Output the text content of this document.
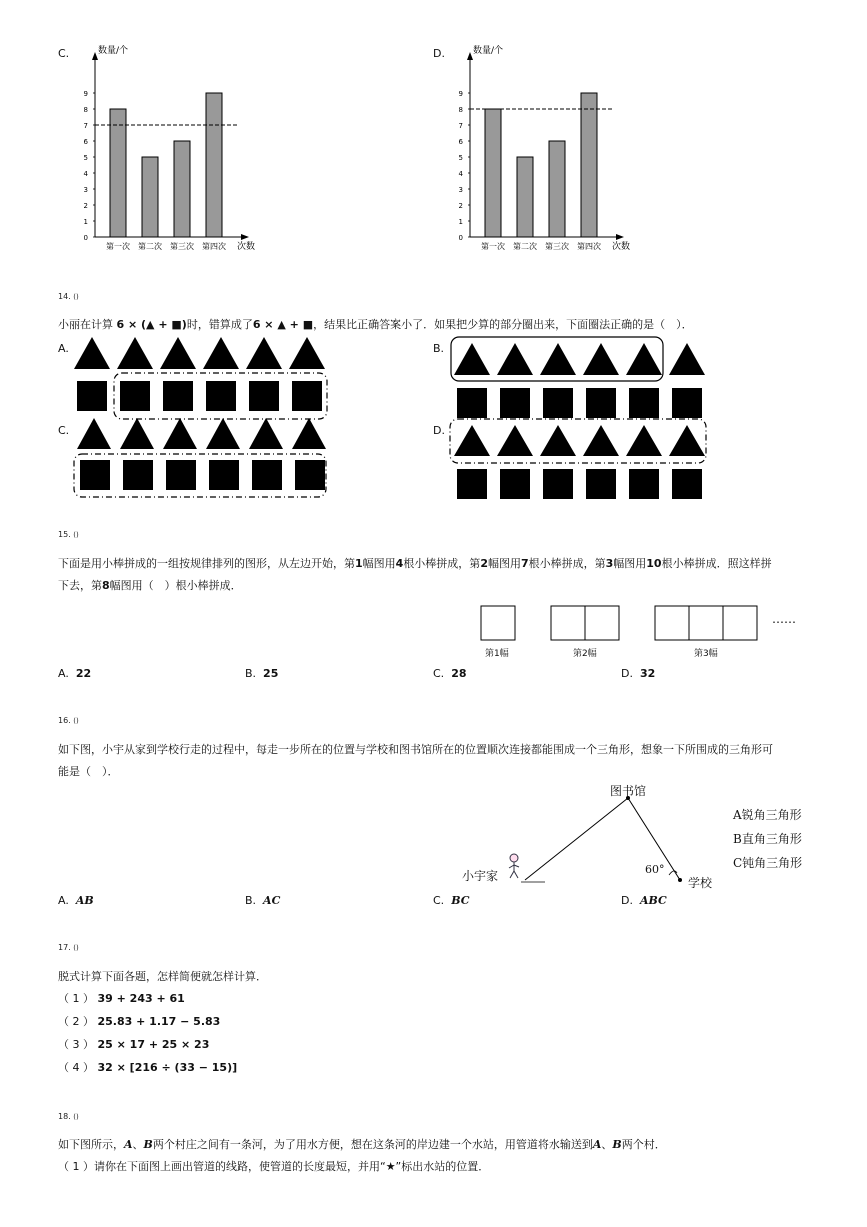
C.	数量/个
次数
0
1
2
3
4
5
6
7
8
9
第一次 第二次 第三次 第四次
D.	数量/个
次数
0
1
2
3
4
5
6
7
8
9
第一次 第二次 第三次 第四次
14. ()
小丽在计算 6 × (▲ + ■)时，错算成了6 × ▲ + ■，结果比正确答案小了．如果把少算的部分圈出来，下面圈法正确的是（　）．
A.	B.
C.	D.
15. ()
下面是用小棒拼成的一组按规律排列的图形，从左边开始，第1幅图用4根小棒拼成，第2幅图用7根小棒拼成，第3幅图用10根小棒拼成．照这样拼
下去，第8幅图用（　）根小棒拼成．
第1幅	第2幅	第3幅
……
A. 22	B. 25	C. 28	D. 32
16. ()
如下图，小宇从家到学校行走的过程中，每走一步所在的位置与学校和图书馆所在的位置顺次连接都能围成一个三角形，想象一下所围成的三角形可
能是（　）．
图书馆
小宇家	学校
60°
A锐角三角形
B直角三角形
C钝角三角形
A. AB	B. AC	C. BC	D. ABC
17. ()
脱式计算下面各题，怎样简便就怎样计算．
（ 1 ） 39 + 243 + 61
（ 2 ） 25.83 + 1.17 − 5.83
（ 3 ） 25 × 17 + 25 × 23
（ 4 ） 32 × [216 ÷ (33 − 15)]
18. ()
如下图所示，A、B两个村庄之间有一条河，为了用水方便，想在这条河的岸边建一个水站，用管道将水输送到A、B两个村．
（ 1 ）请你在下面图上画出管道的线路，使管道的长度最短，并用“★”标出水站的位置．
